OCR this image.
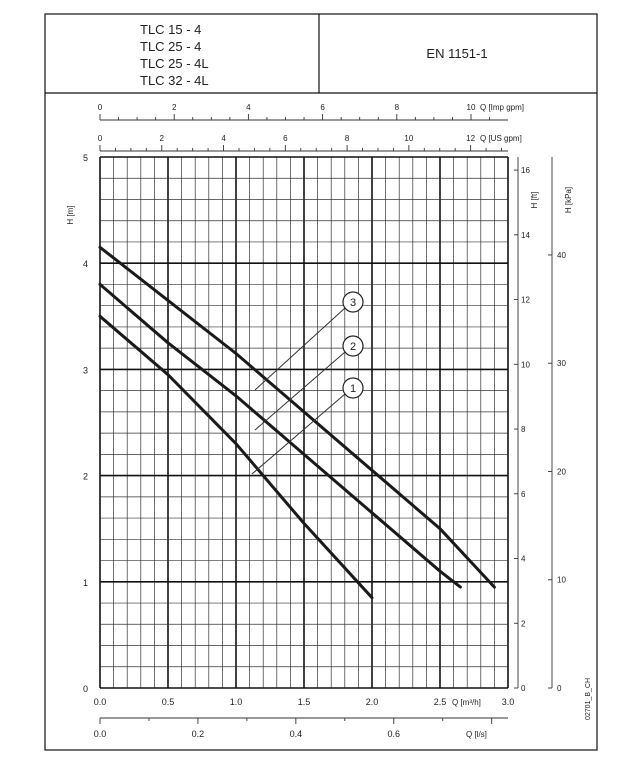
TLC 15 - 4
TLC 25 - 4
TLC 25 - 4L
TLC 32 - 4L
EN 1151-1
0
1
2
3
4
5
H [m]
0
2
4
6
8
10
12
14
16
H [ft]
0
10
20
30
40
H [kPa]
0.0	0.5	1.0	1.5	2.0	2.5	3.0
Q [m³/h]
0.0	0.2	0.4	0.6	Q [l/s]
0	2	4	6	8	10	12 Q [US gpm]
0	2	4	6	8	10 Q [Imp gpm]
3
2
1
02701_B_CH
